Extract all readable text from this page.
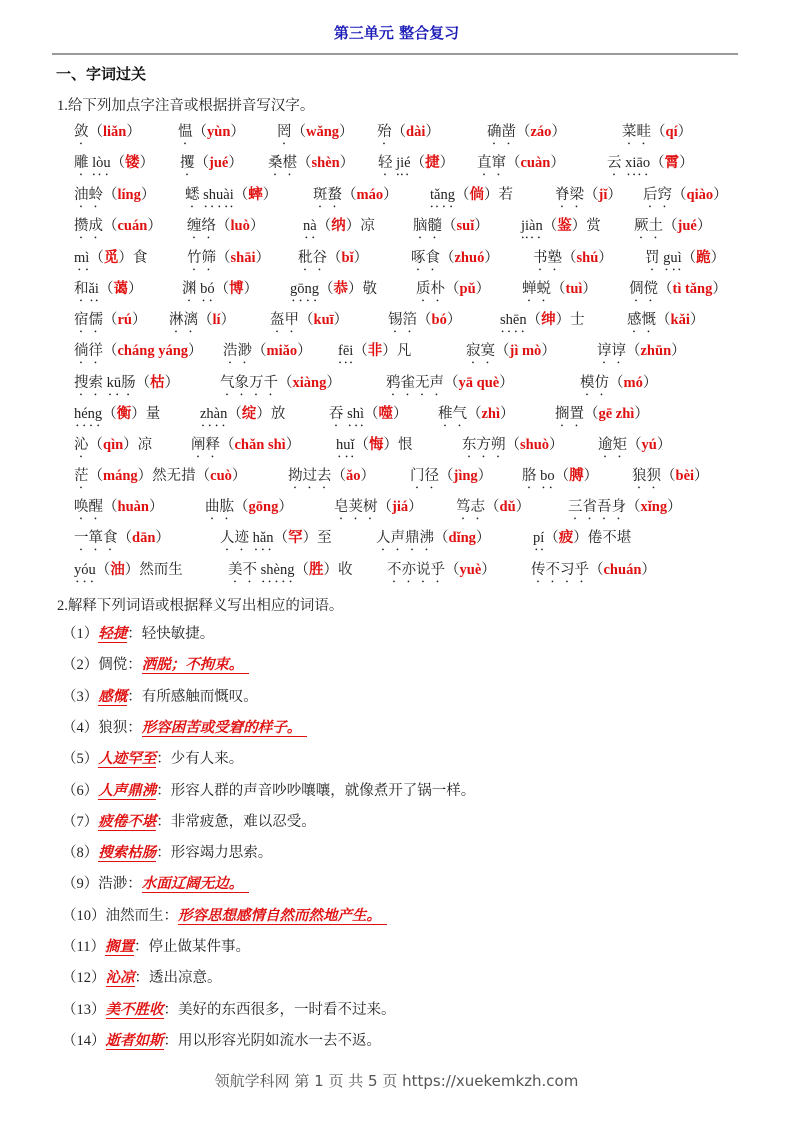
第三单元 整合复习
一、字词过关
1.给下列加点字注音或根据拼音写汉字。
敛（liǎn）	愠（yùn） 罔（wǎng） 殆（dài）	确凿（záo）	菜畦（qí）
雕 lòu（镂） 攫（jué） 桑椹（shèn） 轻 jié（捷） 直窜（cuàn）	云 xiāo（霄）
油蛉（líng） 蟋 shuài（蟀） 斑蝥（máo） tǎng（倘）若	脊梁（jǐ） 后窍（qiào）
攒成（cuán） 缠络（luò）	nà（纳）凉	脑髓（suǐ） jiàn（鉴）赏 厥土（jué）
mì（觅）食	竹筛（shāi） 秕谷（bǐ）	啄食（zhuó） 书塾（shú） 罚 guì（跪）
和ǎi（蔼）	渊 bó（博） gōng（恭）敬	质朴（pǔ） 蝉蜕（tuì） 倜傥（tì tǎng）
宿儒（rú） 淋漓（lí） 盔甲（kuī）	锡箔（bó）	shēn（绅）士	感慨（kǎi）
徜徉（cháng yáng） 浩渺（miǎo） fēi（非）凡	寂寞（jì mò）	谆谆（zhūn）
搜索 kū肠（枯）	气象万千（xiàng）	鸦雀无声（yā què）	模仿（mó）
héng（衡）量	zhàn（绽）放	吞 shì（噬） 稚气（zhì）	搁置（gē zhì）
沁（qìn）凉	阐释（chǎn shì） huǐ（悔）恨	东方朔（shuò） 逾矩（yú）
茫（máng）然无措（cuò）	拗过去（ǎo） 门径（jìng） 胳 bo（膊） 狼狈（bèi）
唤醒（huàn）	曲肱（gōng）	皂荚树（jiá） 笃志（dǔ）	三省吾身（xǐng）
一箪食（dān）	人迹 hǎn（罕）至	人声鼎沸（dǐng）	pí（疲）倦不堪
yóu（油）然而生	美不 shèng（胜）收 不亦说乎（yuè） 传不习乎（chuán）
2.解释下列词语或根据释义写出相应的词语。
（1）轻捷：轻快敏捷。
（2）倜傥：洒脱；不拘束。
（3）感慨：有所感触而慨叹。
（4）狼狈：形容困苦或受窘的样子。
（5）人迹罕至：少有人来。
（6）人声鼎沸：形容人群的声音吵吵嚷嚷，就像煮开了锅一样。
（7）疲倦不堪：非常疲惫，难以忍受。
（8）搜索枯肠：形容竭力思索。
（9）浩渺：水面辽阔无边。
（10）油然而生：形容思想感情自然而然地产生。
（11）搁置：停止做某件事。
（12）沁凉：透出凉意。
（13）美不胜收：美好的东西很多，一时看不过来。
（14）逝者如斯：用以形容光阴如流水一去不返。
领航学科网 第 1 页 共 5 页 https://xuekemkzh.com
